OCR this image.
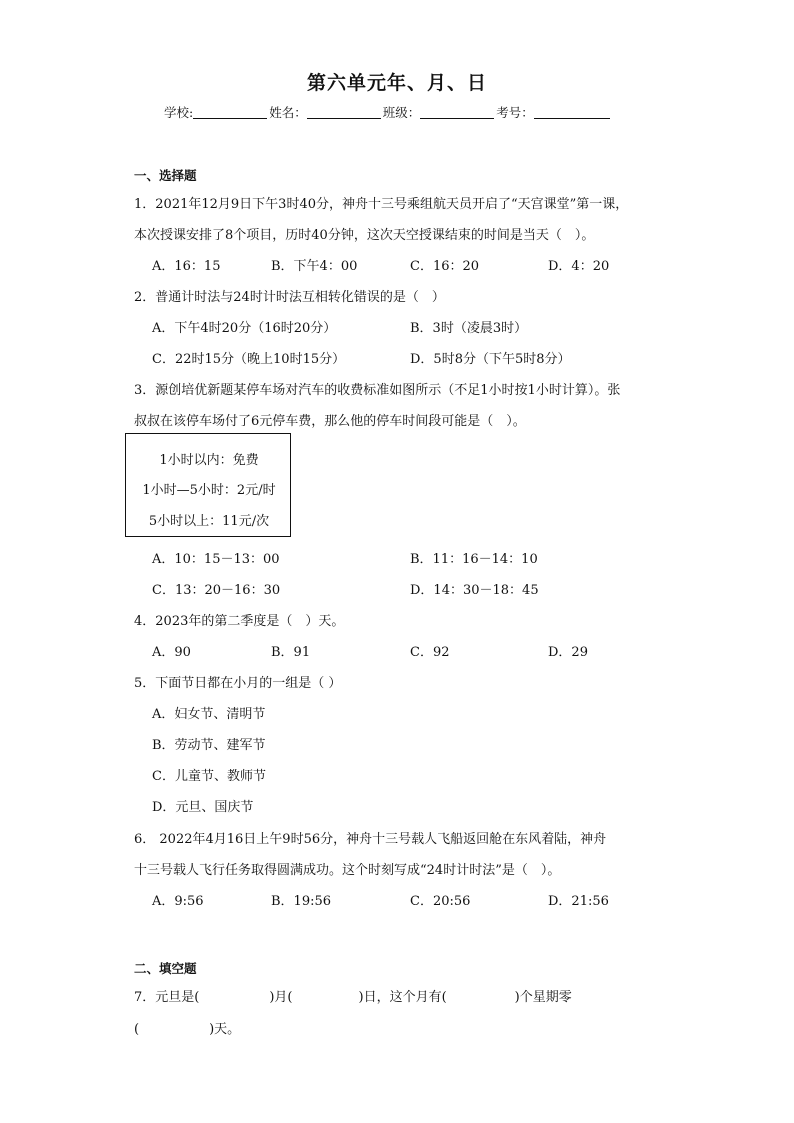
第六单元年、月、日
学校:	姓名：	班级：	考号：
一、选择题
1．2021年12月9日下午3时40分，神舟十三号乘组航天员开启了“天宫课堂”第一课，
本次授课安排了8个项目，历时40分钟，这次天空授课结束的时间是当天（　）。
A．16：15	B．下午4：00	C．16：20	D．4：20
2．普通计时法与24时计时法互相转化错误的是（　）
A．下午4时20分（16时20分）	B．3时（凌晨3时）
C．22时15分（晚上10时15分）	D．5时8分（下午5时8分）
3．源创培优新题某停车场对汽车的收费标准如图所示（不足1小时按1小时计算）。张
叔叔在该停车场付了6元停车费，那么他的停车时间段可能是（　）。
1小时以内：免费
1小时—5小时：2元/时
5小时以上：11元/次
A．10：15－13：00	B．11：16－14：10
C．13：20－16：30	D．14：30－18：45
4．2023年的第二季度是（　）天。
A．90	B．91	C．92	D．29
5．下面节日都在小月的一组是（ ）
A．妇女节、清明节
B．劳动节、建军节
C．儿童节、教师节
D．元旦、国庆节
6． 2022年4月16日上午9时56分，神舟十三号载人飞船返回舱在东风着陆，神舟
十三号载人飞行任务取得圆满成功。这个时刻写成“24时计时法”是（　）。
A．9:56	B．19:56	C．20:56	D．21:56
二、填空题
7．元旦是(	)月(	)日，这个月有(	)个星期零
(	)天。
